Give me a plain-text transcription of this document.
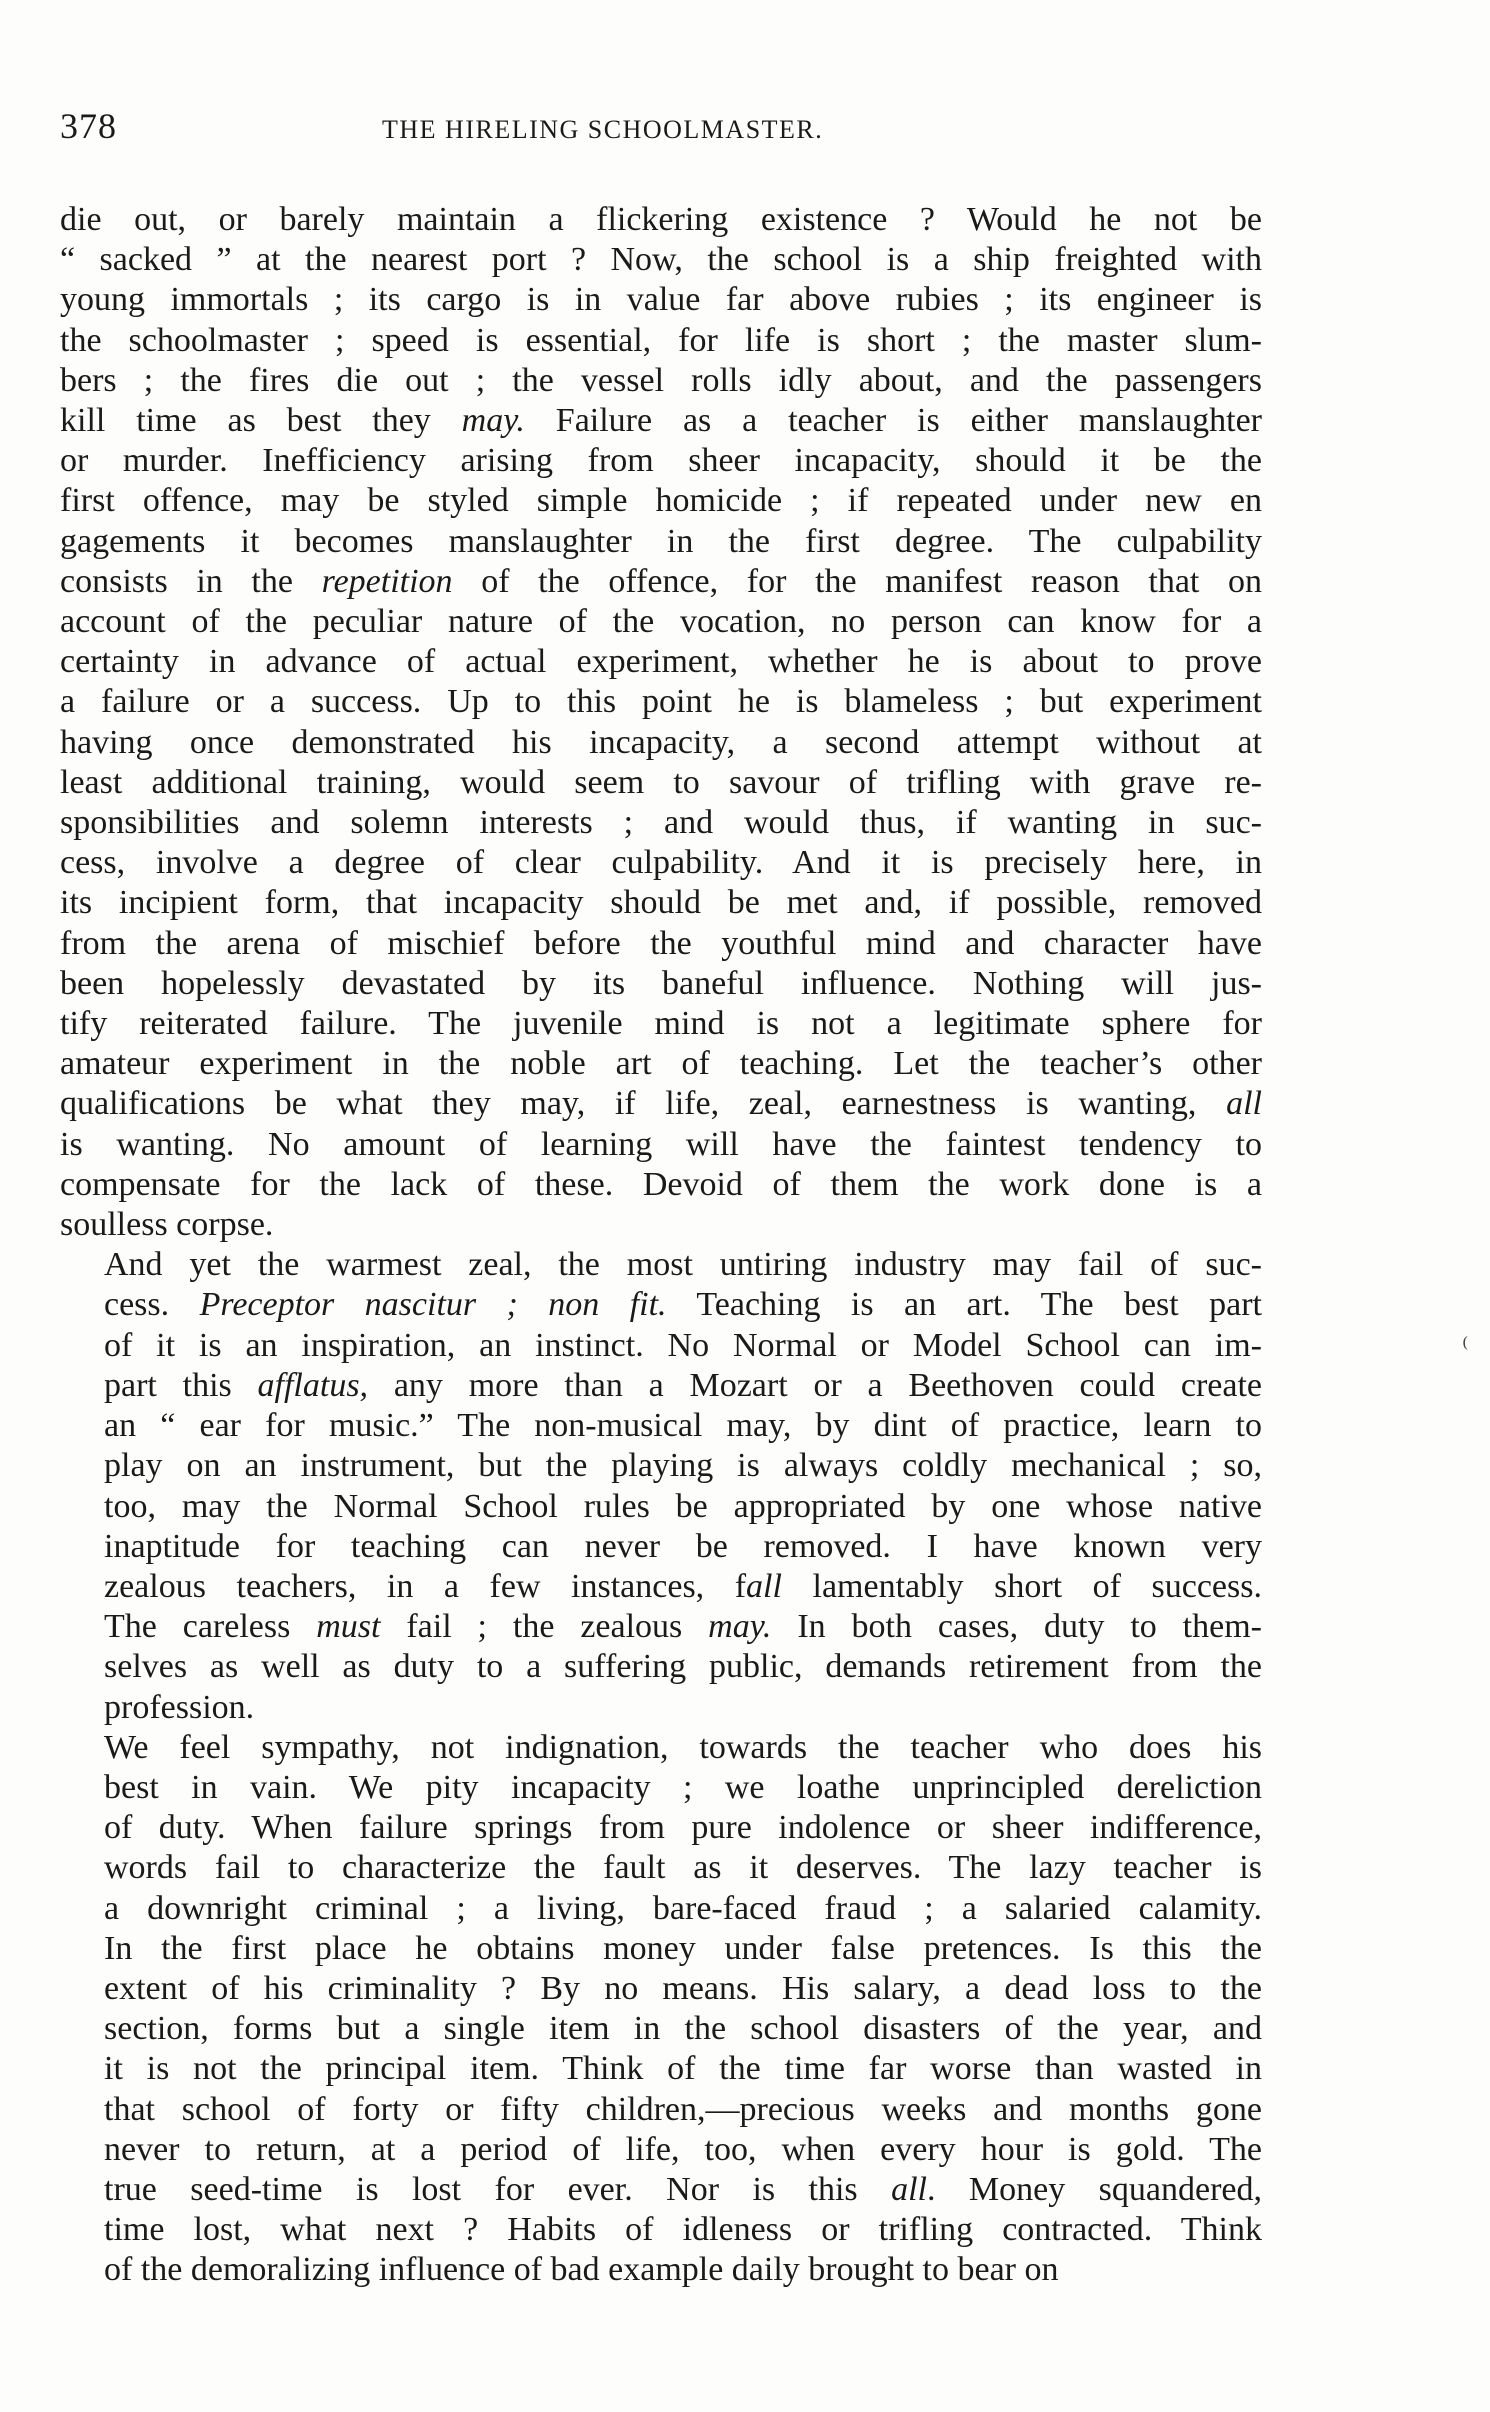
378	THE HIRELING SCHOOLMASTER.
die out, or barely maintain a flickering existence ? Would he not be
“ sacked ” at the nearest port ? Now, the school is a ship freighted with
young immortals ; its cargo is in value far above rubies ; its engineer is
the schoolmaster ; speed is essential, for life is short ; the master slum-
bers ; the fires die out ; the vessel rolls idly about, and the passengers
kill time as best they may. Failure as a teacher is either manslaughter
or murder. Inefficiency arising from sheer incapacity, should it be the
first offence, may be styled simple homicide ; if repeated under new en
gagements it becomes manslaughter in the first degree. The culpability
consists in the repetition of the offence, for the manifest reason that on
account of the peculiar nature of the vocation, no person can know for a
certainty in advance of actual experiment, whether he is about to prove
a failure or a success. Up to this point he is blameless ; but experiment
having once demonstrated his incapacity, a second attempt without at
least additional training, would seem to savour of trifling with grave re-
sponsibilities and solemn interests ; and would thus, if wanting in suc-
cess, involve a degree of clear culpability. And it is precisely here, in
its incipient form, that incapacity should be met and, if possible, removed
from the arena of mischief before the youthful mind and character have
been hopelessly devastated by its baneful influence. Nothing will jus-
tify reiterated failure. The juvenile mind is not a legitimate sphere for
amateur experiment in the noble art of teaching. Let the teacher’s other
qualifications be what they may, if life, zeal, earnestness is wanting, all
is wanting. No amount of learning will have the faintest tendency to
compensate for the lack of these. Devoid of them the work done is a
soulless corpse.
And yet the warmest zeal, the most untiring industry may fail of suc-
cess. Preceptor nascitur ; non fit. Teaching is an art. The best part
of it is an inspiration, an instinct. No Normal or Model School can im-
part this afflatus, any more than a Mozart or a Beethoven could create
an “ ear for music.” The non-musical may, by dint of practice, learn to
play on an instrument, but the playing is always coldly mechanical ; so,
too, may the Normal School rules be appropriated by one whose native
inaptitude for teaching can never be removed. I have known very
zealous teachers, in a few instances, fall lamentably short of success.
The careless must fail ; the zealous may. In both cases, duty to them-
selves as well as duty to a suffering public, demands retirement from the
profession.
We feel sympathy, not indignation, towards the teacher who does his
best in vain. We pity incapacity ; we loathe unprincipled dereliction
of duty. When failure springs from pure indolence or sheer indifference,
words fail to characterize the fault as it deserves. The lazy teacher is
a downright criminal ; a living, bare-faced fraud ; a salaried calamity.
In the first place he obtains money under false pretences. Is this the
extent of his criminality ? By no means. His salary, a dead loss to the
section, forms but a single item in the school disasters of the year, and
it is not the principal item. Think of the time far worse than wasted in
that school of forty or fifty children,—precious weeks and months gone
never to return, at a period of life, too, when every hour is gold. The
true seed-time is lost for ever. Nor is this all. Money squandered,
time lost, what next ? Habits of idleness or trifling contracted. Think
of the demoralizing influence of bad example daily brought to bear on
⁽
